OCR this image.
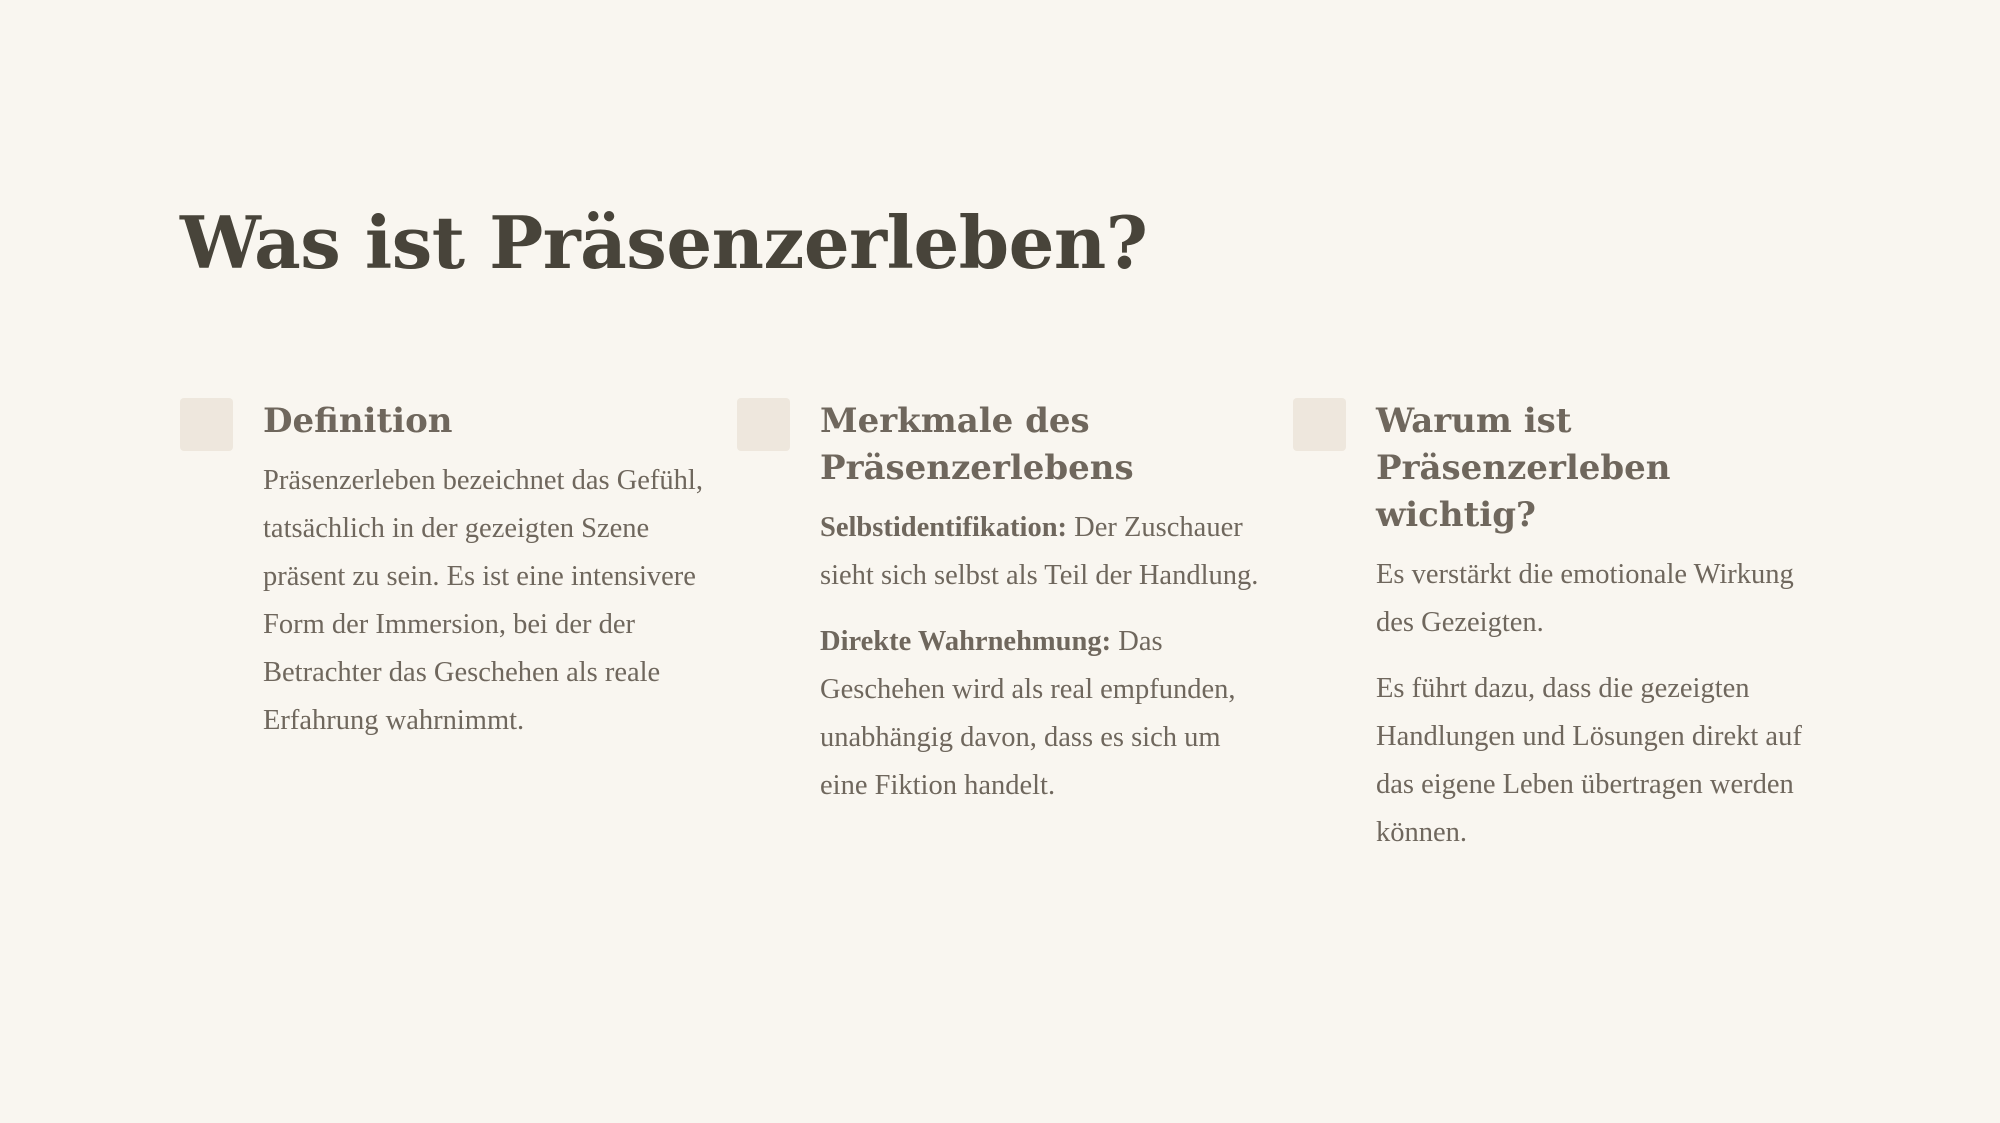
Was ist Präsenzerleben?
Definition

Präsenzerleben bezeichnet das Gefühl, tatsächlich in der gezeigten Szene präsent zu sein. Es ist eine intensivere Form der Immersion, bei der der Betrachter das Geschehen als reale Erfahrung wahrnimmt.

Merkmale des Präsenzerlebens

Selbstidentifikation: Der Zuschauer sieht sich selbst als Teil der Handlung.

Direkte Wahrnehmung: Das Geschehen wird als real empfunden, unabhängig davon, dass es sich um eine Fiktion handelt.

Warum ist Präsenzerleben wichtig?

Es verstärkt die emotionale Wirkung des Gezeigten.

Es führt dazu, dass die gezeigten Handlungen und Lösungen direkt auf das eigene Leben übertragen werden können.
